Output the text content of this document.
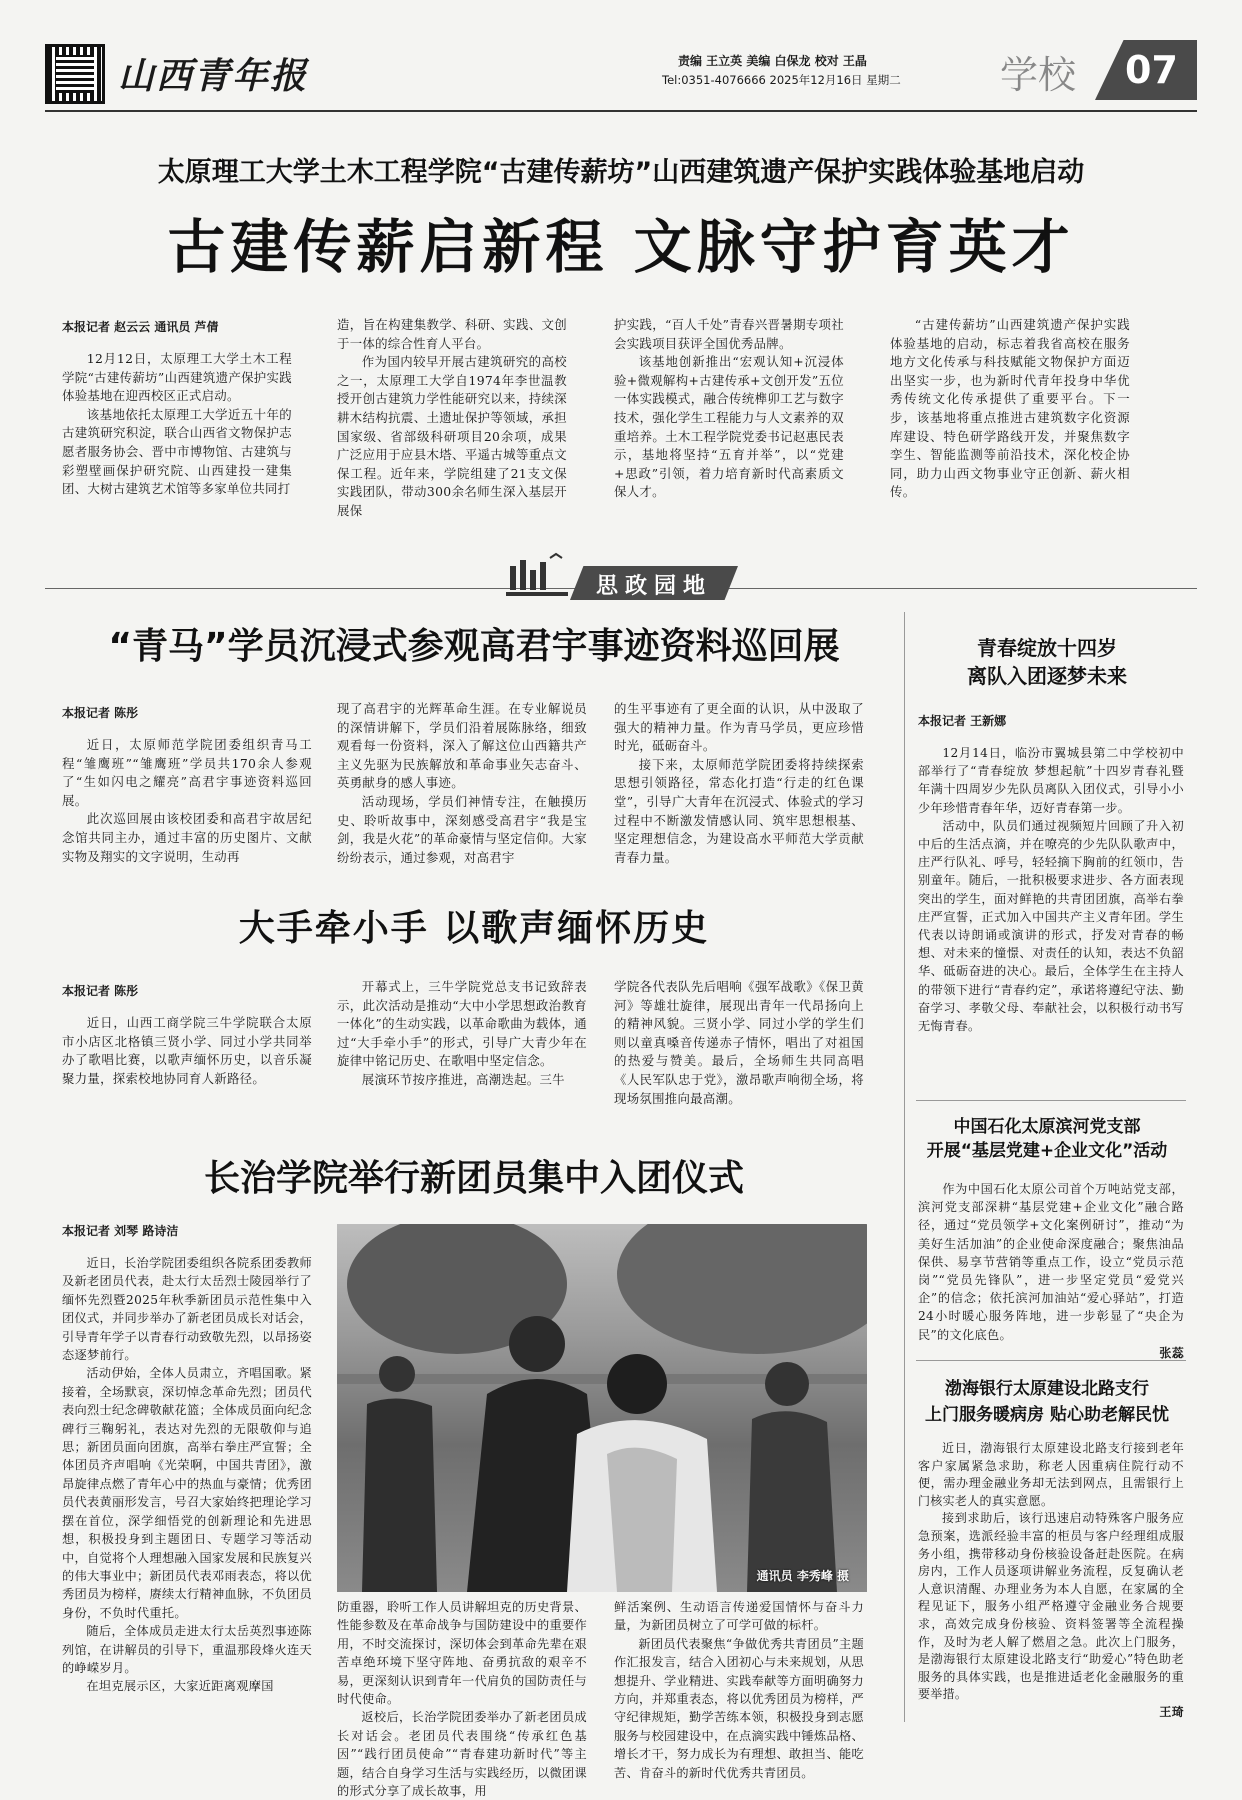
山西青年报	责编 王立英 美编 白保龙 校对 王晶
Tel:0351-4076666 2025年12月16日 星期二	学校 07
太原理工大学土木工程学院“古建传薪坊”山西建筑遗产保护实践体验基地启动
古建传薪启新程 文脉守护育英才
本报记者 赵云云 通讯员 芦倩

12月12日，太原理工大学土木工程学院“古建传薪坊”山西建筑遗产保护实践体验基地在迎西校区正式启动。

该基地依托太原理工大学近五十年的古建筑研究积淀，联合山西省文物保护志愿者服务协会、晋中市博物馆、古建筑与彩塑壁画保护研究院、山西建投一建集团、大树古建筑艺术馆等多家单位共同打

造，旨在构建集教学、科研、实践、文创于一体的综合性育人平台。

作为国内较早开展古建筑研究的高校之一，太原理工大学自1974年李世温教授开创古建筑力学性能研究以来，持续深耕木结构抗震、土遗址保护等领域，承担国家级、省部级科研项目20余项，成果广泛应用于应县木塔、平遥古城等重点文保工程。近年来，学院组建了21支文保实践团队，带动300余名师生深入基层开展保

护实践，“百人千处”青春兴晋暑期专项社会实践项目获评全国优秀品牌。

该基地创新推出“宏观认知+沉浸体验+微观解构+古建传承+文创开发”五位一体实践模式，融合传统榫卯工艺与数字技术，强化学生工程能力与人文素养的双重培养。土木工程学院党委书记赵惠民表示，基地将坚持“五育并举”，以“党建+思政”引领，着力培育新时代高素质文保人才。

“古建传薪坊”山西建筑遗产保护实践体验基地的启动，标志着我省高校在服务地方文化传承与科技赋能文物保护方面迈出坚实一步，也为新时代青年投身中华优秀传统文化传承提供了重要平台。下一步，该基地将重点推进古建筑数字化资源库建设、特色研学路线开发，并聚焦数字孪生、智能监测等前沿技术，深化校企协同，助力山西文物事业守正创新、薪火相传。

思政园地
“青马”学员沉浸式参观高君宇事迹资料巡回展
本报记者 陈彤

近日，太原师范学院团委组织青马工程“雏鹰班”“雏鹰班”学员共170余人参观了“生如闪电之耀亮”高君宇事迹资料巡回展。

此次巡回展由该校团委和高君宇故居纪念馆共同主办，通过丰富的历史图片、文献实物及翔实的文字说明，生动再

现了高君宇的光辉革命生涯。在专业解说员的深情讲解下，学员们沿着展陈脉络，细致观看每一份资料，深入了解这位山西籍共产主义先驱为民族解放和革命事业矢志奋斗、英勇献身的感人事迹。

活动现场，学员们神情专注，在触摸历史、聆听故事中，深刻感受高君宇“我是宝剑，我是火花”的革命豪情与坚定信仰。大家纷纷表示，通过参观，对高君宇

的生平事迹有了更全面的认识，从中汲取了强大的精神力量。作为青马学员，更应珍惜时光，砥砺奋斗。

接下来，太原师范学院团委将持续探索思想引领路径，常态化打造“行走的红色课堂”，引导广大青年在沉浸式、体验式的学习过程中不断激发情感认同、筑牢思想根基、坚定理想信念，为建设高水平师范大学贡献青春力量。

大手牵小手 以歌声缅怀历史
本报记者 陈彤

近日，山西工商学院三牛学院联合太原市小店区北格镇三贤小学、同过小学共同举办了歌唱比赛，以歌声缅怀历史，以音乐凝聚力量，探索校地协同育人新路径。

开幕式上，三牛学院党总支书记致辞表示，此次活动是推动“大中小学思想政治教育一体化”的生动实践，以革命歌曲为载体，通过“大手牵小手”的形式，引导广大青少年在旋律中铭记历史、在歌唱中坚定信念。

展演环节按序推进，高潮迭起。三牛

学院各代表队先后唱响《强军战歌》《保卫黄河》等雄壮旋律，展现出青年一代昂扬向上的精神风貌。三贤小学、同过小学的学生们则以童真嗓音传递赤子情怀，唱出了对祖国的热爱与赞美。最后，全场师生共同高唱《人民军队忠于党》，激昂歌声响彻全场，将现场氛围推向最高潮。

长治学院举行新团员集中入团仪式
本报记者 刘琴 路诗洁

近日，长治学院团委组织各院系团委教师及新老团员代表，赴太行太岳烈士陵园举行了缅怀先烈暨2025年秋季新团员示范性集中入团仪式，并同步举办了新老团员成长对话会，引导青年学子以青春行动致敬先烈，以昂扬姿态逐梦前行。

活动伊始，全体人员肃立，齐唱国歌。紧接着，全场默哀，深切悼念革命先烈；团员代表向烈士纪念碑敬献花篮；全体成员面向纪念碑行三鞠躬礼，表达对先烈的无限敬仰与追思；新团员面向团旗，高举右拳庄严宣誓；全体团员齐声唱响《光荣啊，中国共青团》，激昂旋律点燃了青年心中的热血与豪情；优秀团员代表黄丽形发言，号召大家始终把理论学习摆在首位，深学细悟党的创新理论和先进思想，积极投身到主题团日、专题学习等活动中，自觉将个人理想融入国家发展和民族复兴的伟大事业中；新团员代表邓雨表态，将以优秀团员为榜样，赓续太行精神血脉，不负团员身份，不负时代重托。

随后，全体成员走进太行太岳英烈事迹陈列馆，在讲解员的引导下，重温那段烽火连天的峥嵘岁月。

在坦克展示区，大家近距离观摩国

通讯员 李秀峰 摄

防重器，聆听工作人员讲解坦克的历史背景、性能参数及在革命战争与国防建设中的重要作用，不时交流探讨，深切体会到革命先辈在艰苦卓绝环境下坚守阵地、奋勇抗敌的艰辛不易，更深刻认识到青年一代肩负的国防责任与时代使命。

返校后，长治学院团委举办了新老团员成长对话会。老团员代表围绕“传承红色基因”“践行团员使命”“青春建功新时代”等主题，结合自身学习生活与实践经历，以微团课的形式分享了成长故事，用

鲜活案例、生动语言传递爱国情怀与奋斗力量，为新团员树立了可学可做的标杆。

新团员代表聚焦“争做优秀共青团员”主题作汇报发言，结合入团初心与未来规划，从思想提升、学业精进、实践奉献等方面明确努力方向，并郑重表态，将以优秀团员为榜样，严守纪律规矩，勤学苦练本领，积极投身到志愿服务与校园建设中，在点滴实践中锤炼品格、增长才干，努力成长为有理想、敢担当、能吃苦、肯奋斗的新时代优秀共青团员。

青春绽放十四岁
离队入团逐梦未来
本报记者 王新娜

12月14日，临汾市翼城县第二中学校初中部举行了“青春绽放 梦想起航”十四岁青春礼暨年满十四周岁少先队员离队入团仪式，引导小小少年珍惜青春年华，迈好青春第一步。

活动中，队员们通过视频短片回顾了升入初中后的生活点滴，并在嘹亮的少先队队歌声中，庄严行队礼、呼号，轻轻摘下胸前的红领巾，告别童年。随后，一批积极要求进步、各方面表现突出的学生，面对鲜艳的共青团团旗，高举右拳庄严宣誓，正式加入中国共产主义青年团。学生代表以诗朗诵或演讲的形式，抒发对青春的畅想、对未来的憧憬、对责任的认知，表达不负韶华、砥砺奋进的决心。最后，全体学生在主持人的带领下进行“青春约定”，承诺将遵纪守法、勤奋学习、孝敬父母、奉献社会，以积极行动书写无悔青春。

中国石化太原滨河党支部
开展“基层党建+企业文化”活动

作为中国石化太原公司首个万吨站党支部，滨河党支部深耕“基层党建+企业文化”融合路径，通过“党员领学+文化案例研讨”，推动“为美好生活加油”的企业使命深度融合；聚焦油品保供、易享节营销等重点工作，设立“党员示范岗”“党员先锋队”，进一步坚定党员“爱党兴企”的信念；依托滨河加油站“爱心驿站”，打造24小时暖心服务阵地，进一步彰显了“央企为民”的文化底色。

张蕊
渤海银行太原建设北路支行
上门服务暖病房 贴心助老解民忧

近日，渤海银行太原建设北路支行接到老年客户家属紧急求助，称老人因重病住院行动不便，需办理金融业务却无法到网点，且需银行上门核实老人的真实意愿。

接到求助后，该行迅速启动特殊客户服务应急预案，选派经验丰富的柜员与客户经理组成服务小组，携带移动身份核验设备赶赴医院。在病房内，工作人员逐项讲解业务流程，反复确认老人意识清醒、办理业务为本人自愿，在家属的全程见证下，服务小组严格遵守金融业务合规要求，高效完成身份核验、资料签署等全流程操作，及时为老人解了燃眉之急。此次上门服务，是渤海银行太原建设北路支行“助爱心”特色助老服务的具体实践，也是推进适老化金融服务的重要举措。

王琦
